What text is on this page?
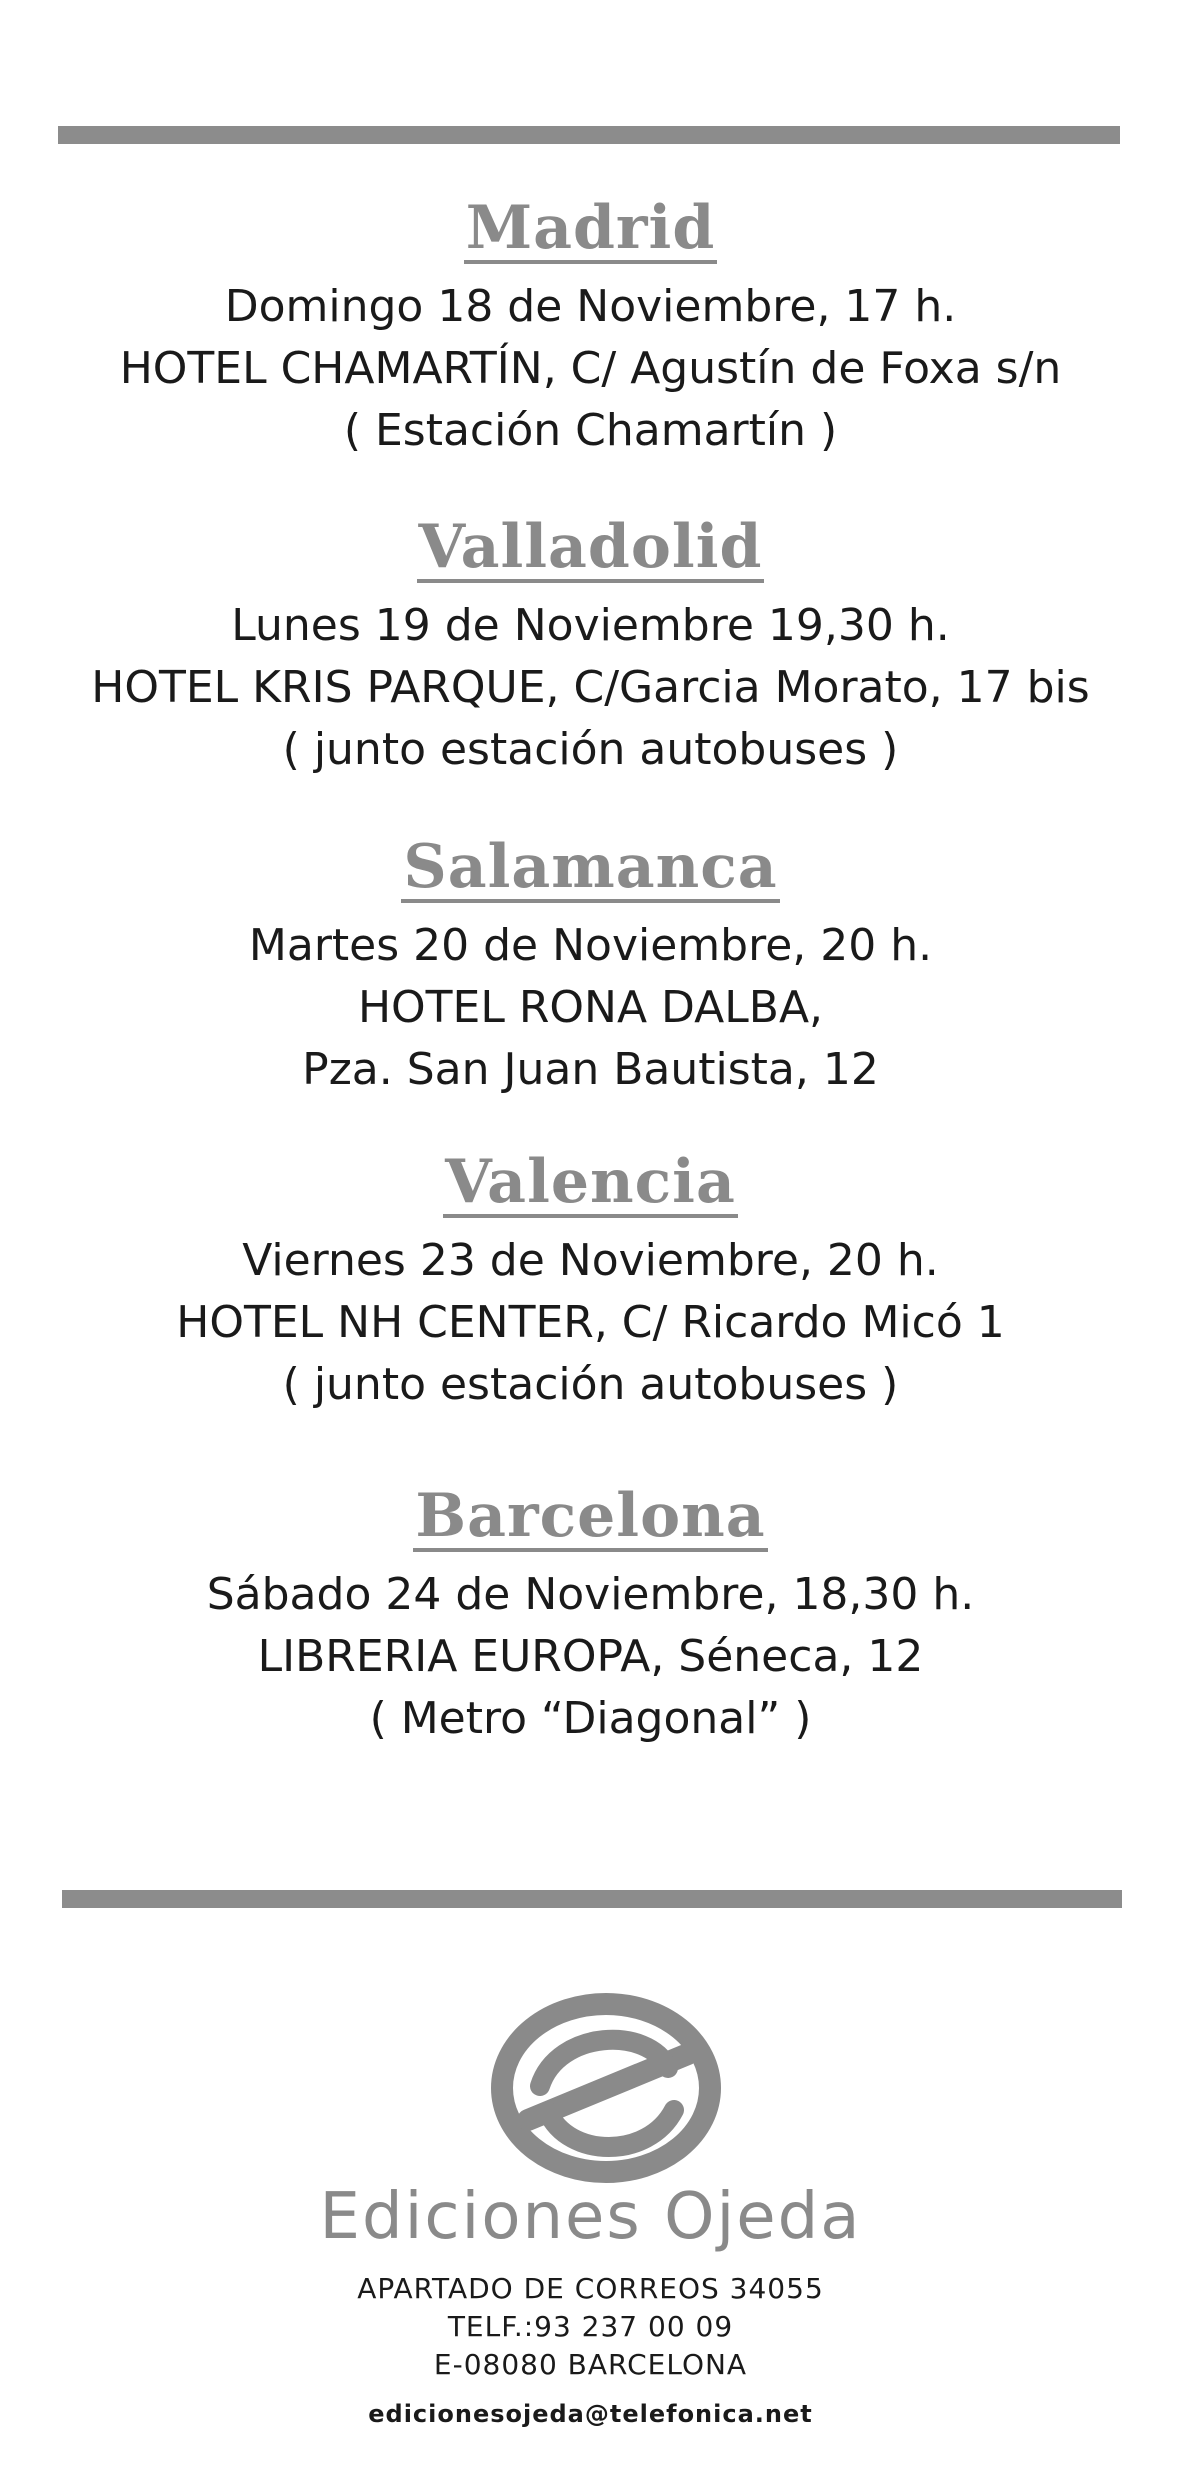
Madrid
Domingo 18 de Noviembre, 17 h.
HOTEL CHAMARTÍN, C/ Agustín de Foxa s/n
( Estación Chamartín )
Valladolid
Lunes 19 de Noviembre 19,30 h.
HOTEL KRIS PARQUE, C/Garcia Morato, 17 bis
( junto estación autobuses )
Salamanca
Martes 20 de Noviembre, 20 h.
HOTEL RONA DALBA,
Pza. San Juan Bautista, 12
Valencia
Viernes 23 de Noviembre, 20 h.
HOTEL NH CENTER, C/ Ricardo Micó 1
( junto estación autobuses )
Barcelona
Sábado 24 de Noviembre, 18,30 h.
LIBRERIA EUROPA, Séneca, 12
( Metro “Diagonal” )
Ediciones Ojeda
APARTADO DE CORREOS 34055
TELF.:93 237 00 09
E-08080 BARCELONA
edicionesojeda@telefonica.net
